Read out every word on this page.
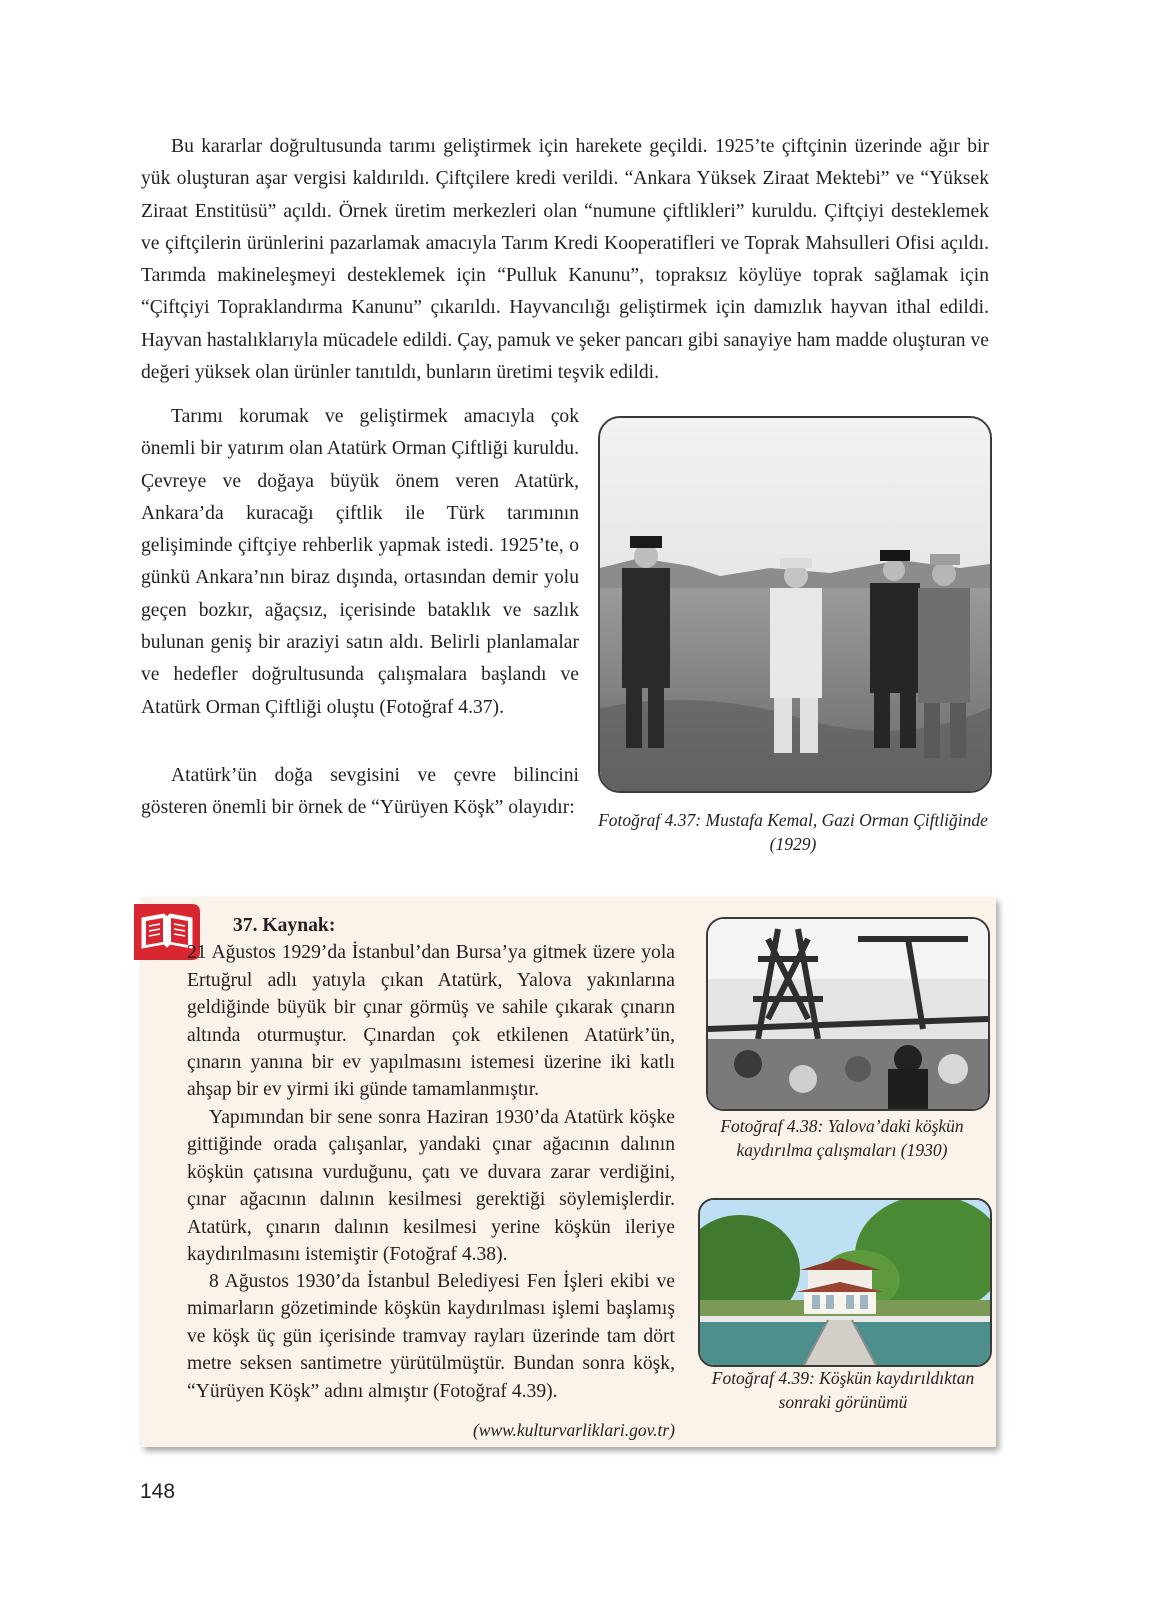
Bu kararlar doğrultusunda tarımı geliştirmek için harekete geçildi. 1925’te çiftçinin üzerinde ağır bir yük oluşturan aşar vergisi kaldırıldı. Çiftçilere kredi verildi. “Ankara Yüksek Ziraat Mektebi” ve “Yüksek Ziraat Enstitüsü” açıldı. Örnek üretim merkezleri olan “numune çiftlikleri” kuruldu. Çiftçiyi desteklemek ve çiftçilerin ürünlerini pazarlamak amacıyla Tarım Kredi Kooperatifleri ve Toprak Mahsulleri Ofisi açıldı. Tarımda makineleşmeyi desteklemek için “Pulluk Kanunu”, topraksız köylüye toprak sağlamak için “Çiftçiyi Topraklandırma Kanunu” çıkarıldı. Hayvancılığı geliştirmek için damızlık hayvan ithal edildi. Hayvan hastalıklarıyla mücadele edildi. Çay, pamuk ve şeker pancarı gibi sanayiye ham madde oluşturan ve değeri yüksek olan ürünler tanıtıldı, bunların üretimi teşvik edildi.

Tarımı korumak ve geliştirmek amacıyla çok önemli bir yatırım olan Atatürk Orman Çiftliği kuruldu. Çevreye ve doğaya büyük önem veren Atatürk, Ankara’da kuracağı çiftlik ile Türk tarımının gelişiminde çiftçiye rehberlik yapmak istedi. 1925’te, o günkü Ankara’nın biraz dışında, ortasından demir yolu geçen bozkır, ağaçsız, içerisinde bataklık ve sazlık bulunan geniş bir araziyi satın aldı. Belirli planlamalar ve hedefler doğrultusunda çalışmalara başlandı ve Atatürk Orman Çiftliği oluştu (Fotoğraf 4.37).

Atatürk’ün doğa sevgisini ve çevre bilincini gösteren önemli bir örnek de “Yürüyen Köşk” olayıdır:

Fotoğraf 4.37: Mustafa Kemal, Gazi Orman Çiftliğinde (1929)

37. Kaynak:
21 Ağustos 1929’da İstanbul’dan Bursa’ya gitmek üzere yola Ertuğrul adlı yatıyla çıkan Atatürk, Yalova yakınlarına geldiğinde büyük bir çınar görmüş ve sahile çıkarak çınarın altında oturmuştur. Çınardan çok etkilenen Atatürk’ün, çınarın yanına bir ev yapılmasını istemesi üzerine iki katlı ahşap bir ev yirmi iki günde tamamlanmıştır.

Yapımından bir sene sonra Haziran 1930’da Atatürk köşke gittiğinde orada çalışanlar, yandaki çınar ağacının dalının köşkün çatısına vurduğunu, çatı ve duvara zarar verdiğini, çınar ağacının dalının kesilmesi gerektiği söylemişlerdir. Atatürk, çınarın dalının kesilmesi yerine köşkün ileriye kaydırılmasını istemiştir (Fotoğraf 4.38).

8 Ağustos 1930’da İstanbul Belediyesi Fen İşleri ekibi ve mimarların gözetiminde köşkün kaydırılması işlemi başlamış ve köşk üç gün içerisinde tramvay rayları üzerinde tam dört metre seksen santimetre yürütülmüştür. Bundan sonra köşk, “Yürüyen Köşk” adını almıştır (Fotoğraf 4.39).

(www.kulturvarliklari.gov.tr)

Fotoğraf 4.38: Yalova’daki köşkün kaydırılma çalışmaları (1930)

Fotoğraf 4.39: Köşkün kaydırıldıktan sonraki görünümü

148
